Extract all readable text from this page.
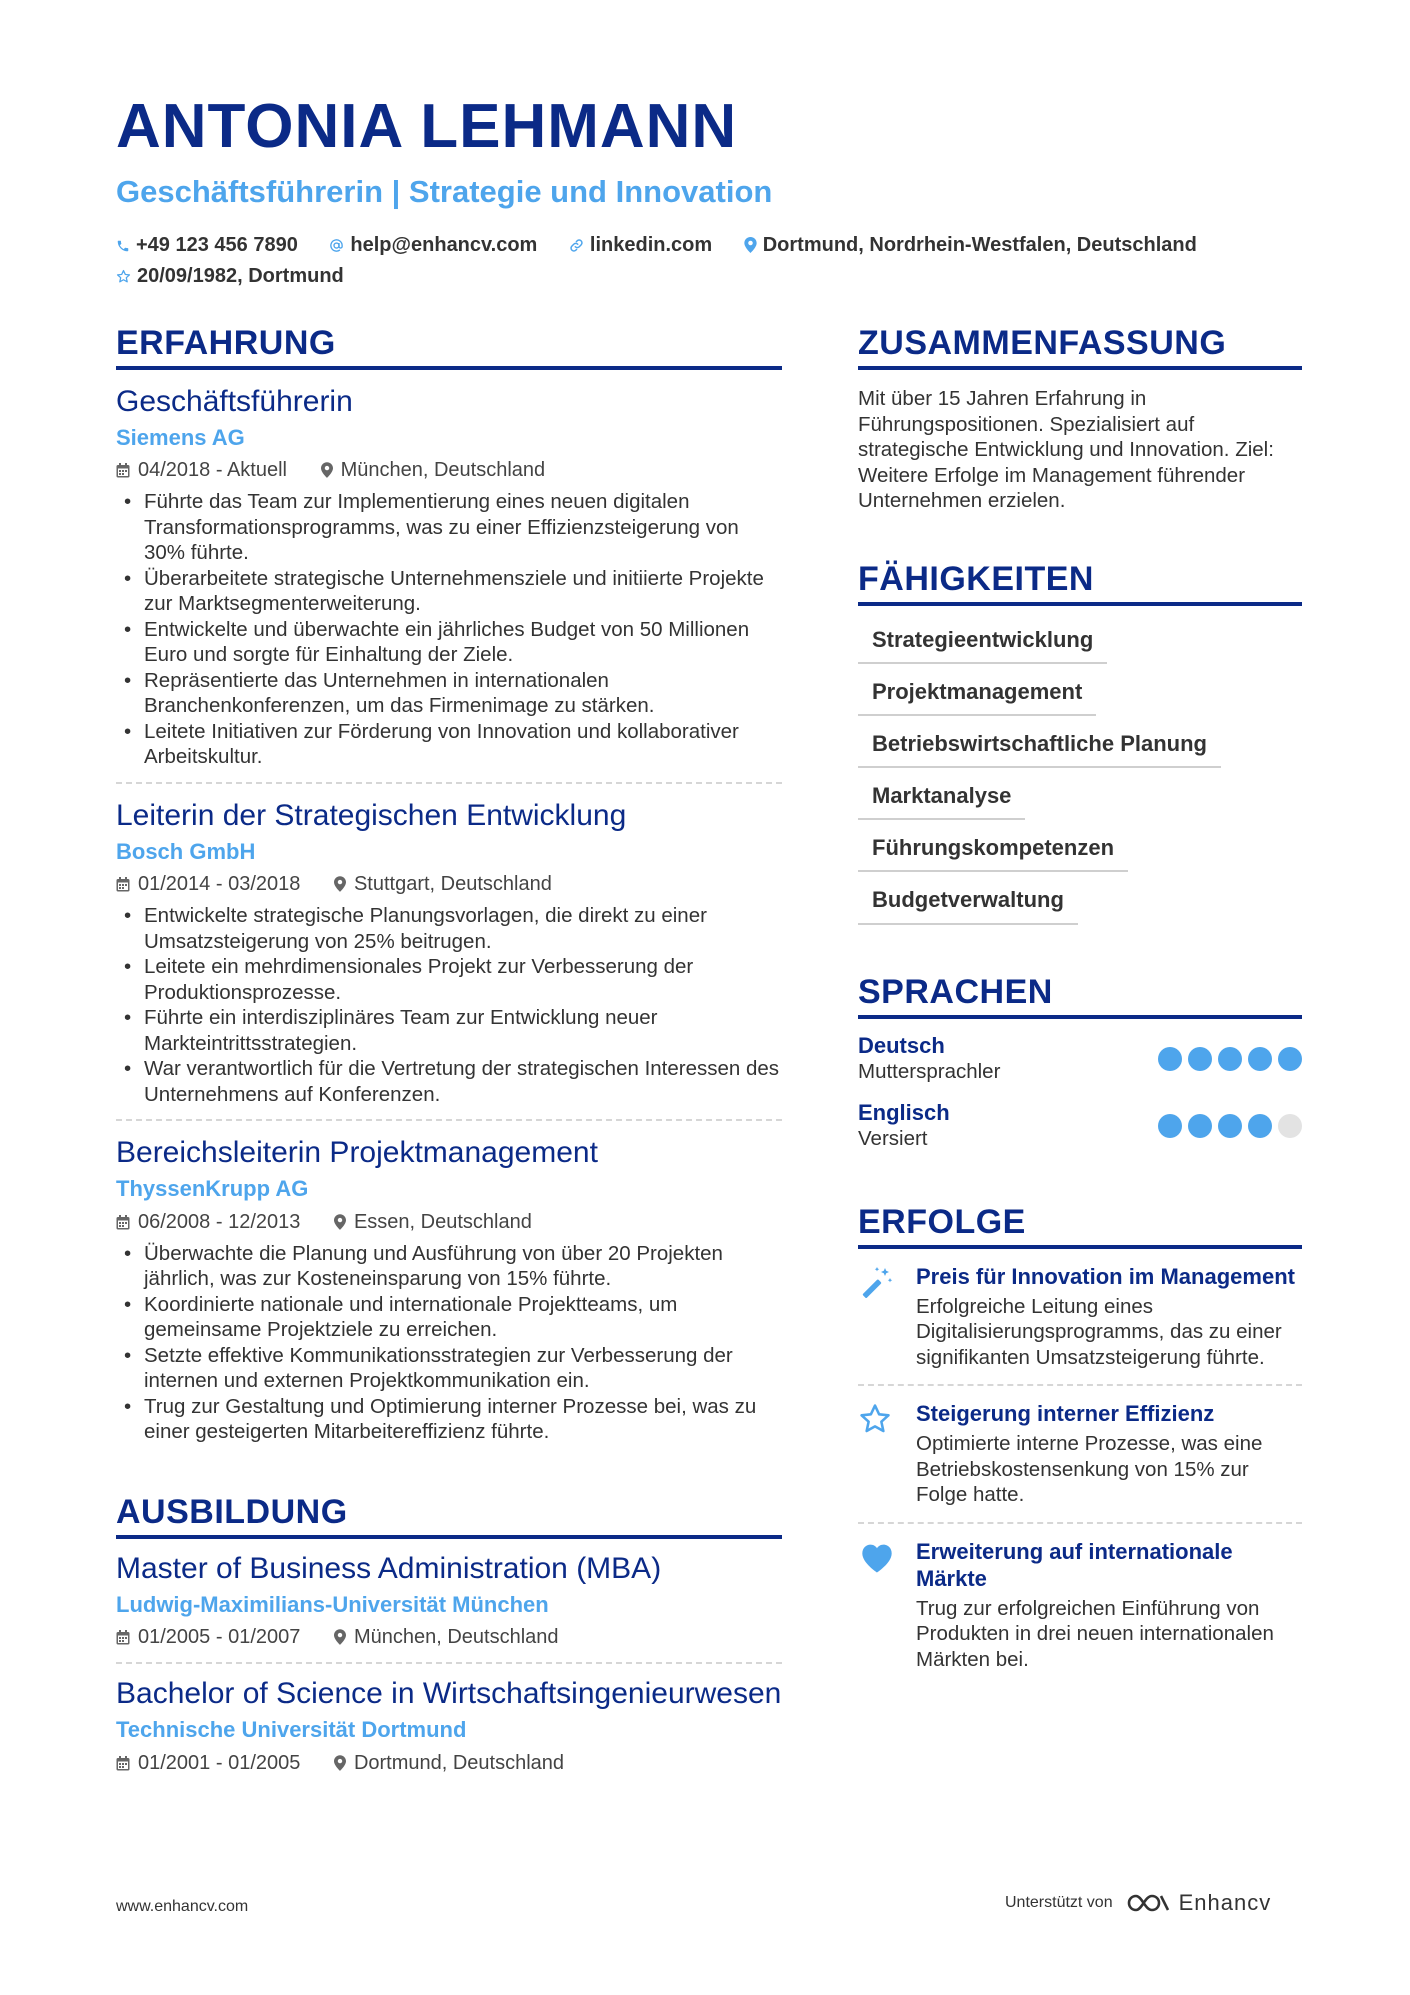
ANTONIA LEHMANN
Geschäftsführerin | Strategie und Innovation
+49 123 456 7890	help@enhancv.com	linkedin.com	Dortmund, Nordrhein-Westfalen, Deutschland
20/09/1982, Dortmund
ERFAHRUNG
Geschäftsführerin
Siemens AG
04/2018 - Aktuell	München, Deutschland
• Führte das Team zur Implementierung eines neuen digitalen Transformationsprogramms, was zu einer Effizienzsteigerung von 30% führte.
• Überarbeitete strategische Unternehmensziele und initiierte Projekte zur Marktsegmenterweiterung.
• Entwickelte und überwachte ein jährliches Budget von 50 Millionen Euro und sorgte für Einhaltung der Ziele.
• Repräsentierte das Unternehmen in internationalen Branchenkonferenzen, um das Firmenimage zu stärken.
• Leitete Initiativen zur Förderung von Innovation und kollaborativer Arbeitskultur.
Leiterin der Strategischen Entwicklung
Bosch GmbH
01/2014 - 03/2018	Stuttgart, Deutschland
• Entwickelte strategische Planungsvorlagen, die direkt zu einer Umsatzsteigerung von 25% beitrugen.
• Leitete ein mehrdimensionales Projekt zur Verbesserung der Produktionsprozesse.
• Führte ein interdisziplinäres Team zur Entwicklung neuer Markteintrittsstrategien.
• War verantwortlich für die Vertretung der strategischen Interessen des Unternehmens auf Konferenzen.
Bereichsleiterin Projektmanagement
ThyssenKrupp AG
06/2008 - 12/2013	Essen, Deutschland
• Überwachte die Planung und Ausführung von über 20 Projekten jährlich, was zur Kosteneinsparung von 15% führte.
• Koordinierte nationale und internationale Projektteams, um gemeinsame Projektziele zu erreichen.
• Setzte effektive Kommunikationsstrategien zur Verbesserung der internen und externen Projektkommunikation ein.
• Trug zur Gestaltung und Optimierung interner Prozesse bei, was zu einer gesteigerten Mitarbeitereffizienz führte.
AUSBILDUNG
Master of Business Administration (MBA)
Ludwig-Maximilians-Universität München
01/2005 - 01/2007	München, Deutschland
Bachelor of Science in Wirtschaftsingenieurwesen
Technische Universität Dortmund
01/2001 - 01/2005	Dortmund, Deutschland
ZUSAMMENFASSUNG
Mit über 15 Jahren Erfahrung in Führungspositionen. Spezialisiert auf strategische Entwicklung und Innovation. Ziel: Weitere Erfolge im Management führender Unternehmen erzielen.
FÄHIGKEITEN
Strategieentwicklung
Projektmanagement
Betriebswirtschaftliche Planung
Marktanalyse
Führungskompetenzen
Budgetverwaltung
SPRACHEN
Deutsch
Muttersprachler
Englisch
Versiert
ERFOLGE
Preis für Innovation im Management
Erfolgreiche Leitung eines Digitalisierungsprogramms, das zu einer signifikanten Umsatzsteigerung führte.
Steigerung interner Effizienz
Optimierte interne Prozesse, was eine Betriebskostensenkung von 15% zur Folge hatte.
Erweiterung auf internationale Märkte
Trug zur erfolgreichen Einführung von Produkten in drei neuen internationalen Märkten bei.
www.enhancv.com	Unterstützt von	Enhancv
